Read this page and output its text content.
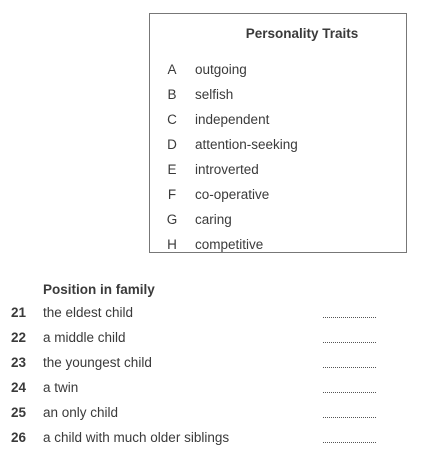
Personality Traits
A outgoing
B selfish
C independent
D attention-seeking
E introverted
F co-operative
G caring
H competitive
Position in family
21 the eldest child
22 a middle child
23 the youngest child
24 a twin
25 an only child
26 a child with much older siblings
